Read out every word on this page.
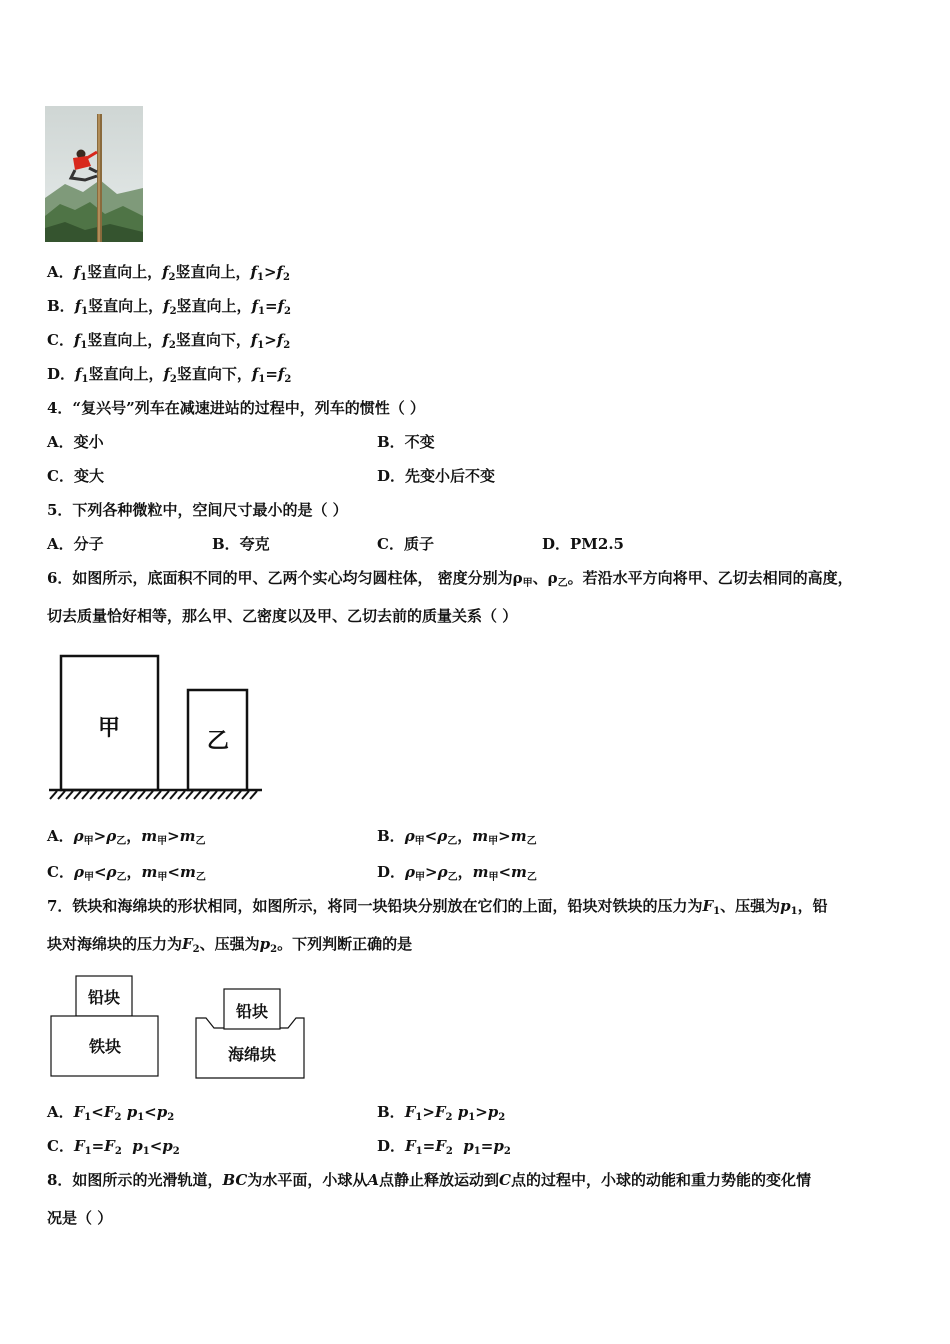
A．$f_1$竖直向上，$f_2$竖直向上，$f_1>f_2$
B．$f_1$竖直向上，$f_2$竖直向上，$f_1=f_2$
C．$f_1$竖直向上，$f_2$竖直向下，$f_1>f_2$
D．$f_1$竖直向上，$f_2$竖直向下，$f_1=f_2$
4．“复兴号”列车在减速进站的过程中，列车的惯性（ ）
A．变小	B．不变
C．变大	D．先变小后不变
5．下列各种微粒中，空间尺寸最小的是（ ）
A．分子	B．夸克	C．质子	D．PM2.5
6．如图所示，底面积不同的甲、乙两个实心均匀圆柱体， 密度分别为$\rho_甲$、$\rho_乙$。若沿水平方向将甲、乙切去相同的高度，
切去质量恰好相等，那么甲、乙密度以及甲、乙切去前的质量关系（ ）
甲
乙
A．$\rho_甲>\rho_乙$，$m_甲>m_乙$	B．$\rho_甲<\rho_乙$，$m_甲>m_乙$
C．$\rho_甲<\rho_乙$，$m_甲<m_乙$	D．$\rho_甲>\rho_乙$，$m_甲<m_乙$
7．铁块和海绵块的形状相同，如图所示，将同一块铅块分别放在它们的上面，铅块对铁块的压力为$F_1$、压强为$p_1$，铅
块对海绵块的压力为$F_2$、压强为$p_2$。下列判断正确的是
铅块
铁块
铅块
海绵块
A．$F_1<F_2$ $p_1<p_2$	B．$F_1>F_2$ $p_1>p_2$
C．$F_1=F_2$ $p_1<p_2$	D．$F_1=F_2$ $p_1=p_2$
8．如图所示的光滑轨道，BC为水平面，小球从A点静止释放运动到C点的过程中，小球的动能和重力势能的变化情
况是（ ）
